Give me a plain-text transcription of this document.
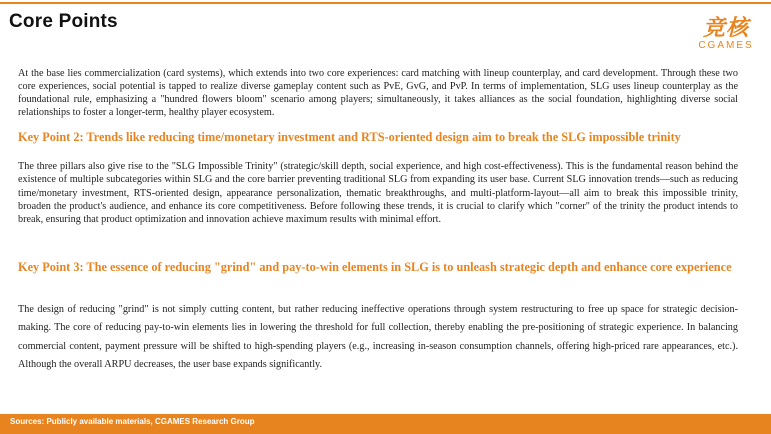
Core Points	竞核
CGAMES
At the base lies commercialization (card systems), which extends into two core experiences: card matching with lineup counterplay, and card development. Through these two core experiences, social potential is tapped to realize diverse gameplay content such as PvE, GvG, and PvP. In terms of implementation, SLG uses lineup counterplay as the foundational rule, emphasizing a "hundred flowers bloom" scenario among players; simultaneously, it takes alliances as the social foundation, highlighting diverse social relationships to foster a longer-term, healthy player ecosystem.
Key Point 2: Trends like reducing time/monetary investment and RTS-oriented design aim to break the SLG impossible trinity
The three pillars also give rise to the "SLG Impossible Trinity" (strategic/skill depth, social experience, and high cost-effectiveness). This is the fundamental reason behind the existence of multiple subcategories within SLG and the core barrier preventing traditional SLG from expanding its user base. Current SLG innovation trends—such as reducing time/monetary investment, RTS-oriented design, appearance personalization, thematic breakthroughs, and multi-platform-layout—all aim to break this impossible trinity, broaden the product's audience, and enhance its core competitiveness. Before following these trends, it is crucial to clarify which "corner" of the trinity the product intends to break, ensuring that product optimization and innovation achieve maximum results with minimal effort.
Key Point 3: The essence of reducing "grind" and pay-to-win elements in SLG is to unleash strategic depth and enhance core experience
The design of reducing "grind" is not simply cutting content, but rather reducing ineffective operations through system restructuring to free up space for strategic decision-making. The core of reducing pay-to-win elements lies in lowering the threshold for full collection, thereby enabling the pre-positioning of strategic experience. In balancing commercial content, payment pressure will be shifted to high-spending players (e.g., increasing in-season consumption channels, offering high-priced rare appearances, etc.). Although the overall ARPU decreases, the user base expands significantly.
Sources: Publicly available materials, CGAMES Research Group
